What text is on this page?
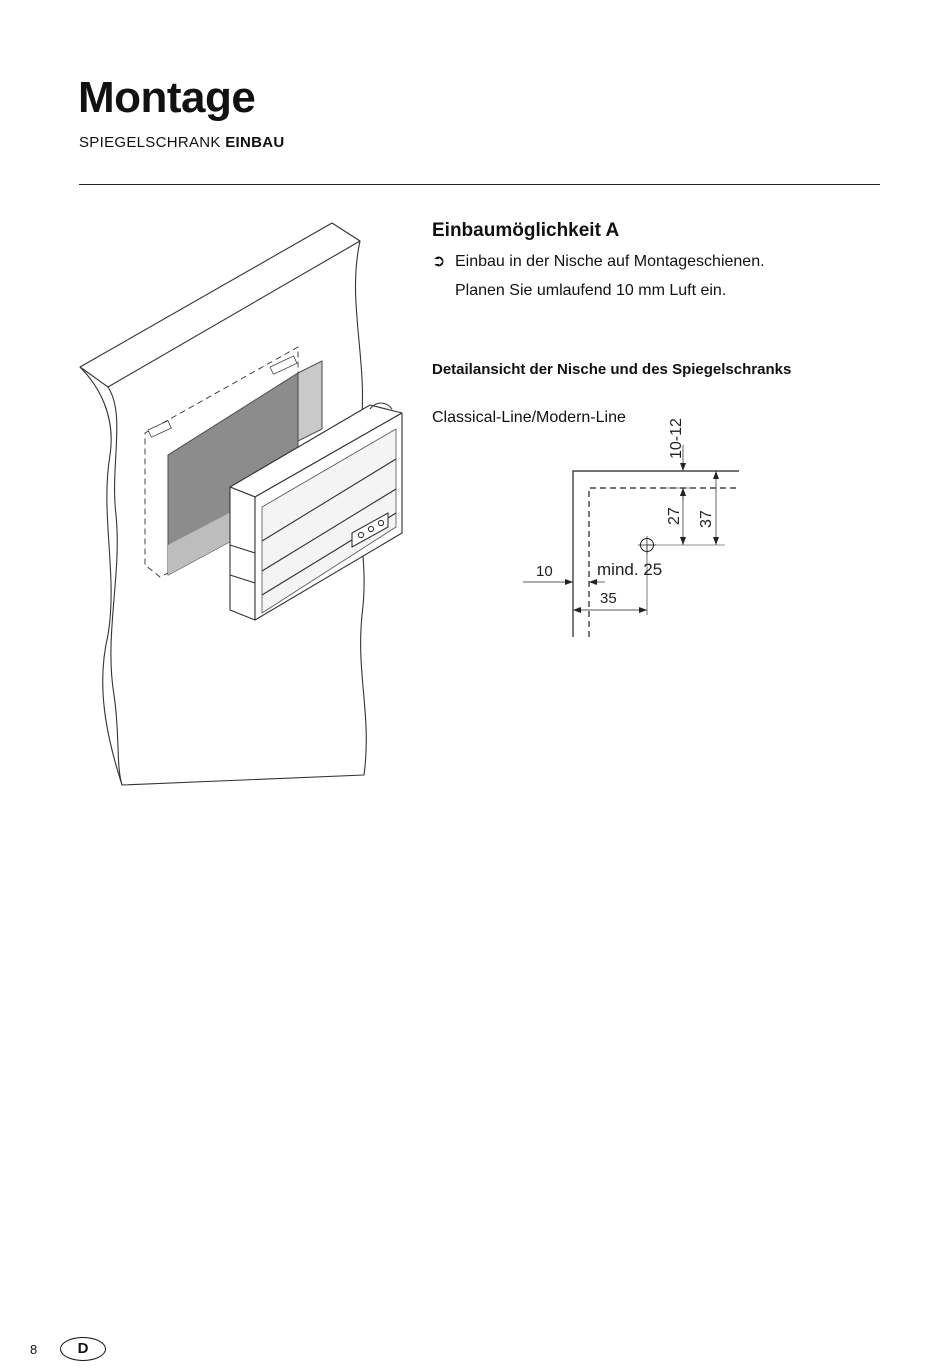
Montage
SPIEGELSCHRANK EINBAU
Einbaumöglichkeit A
➲ Einbau in der Nische auf Montageschienen.
Planen Sie umlaufend 10 mm Luft ein.
Detailansicht der Nische und des Spiegelschranks
Classical-Line/Modern-Line
10-12
27 37
10	mind. 25
35
8	D
